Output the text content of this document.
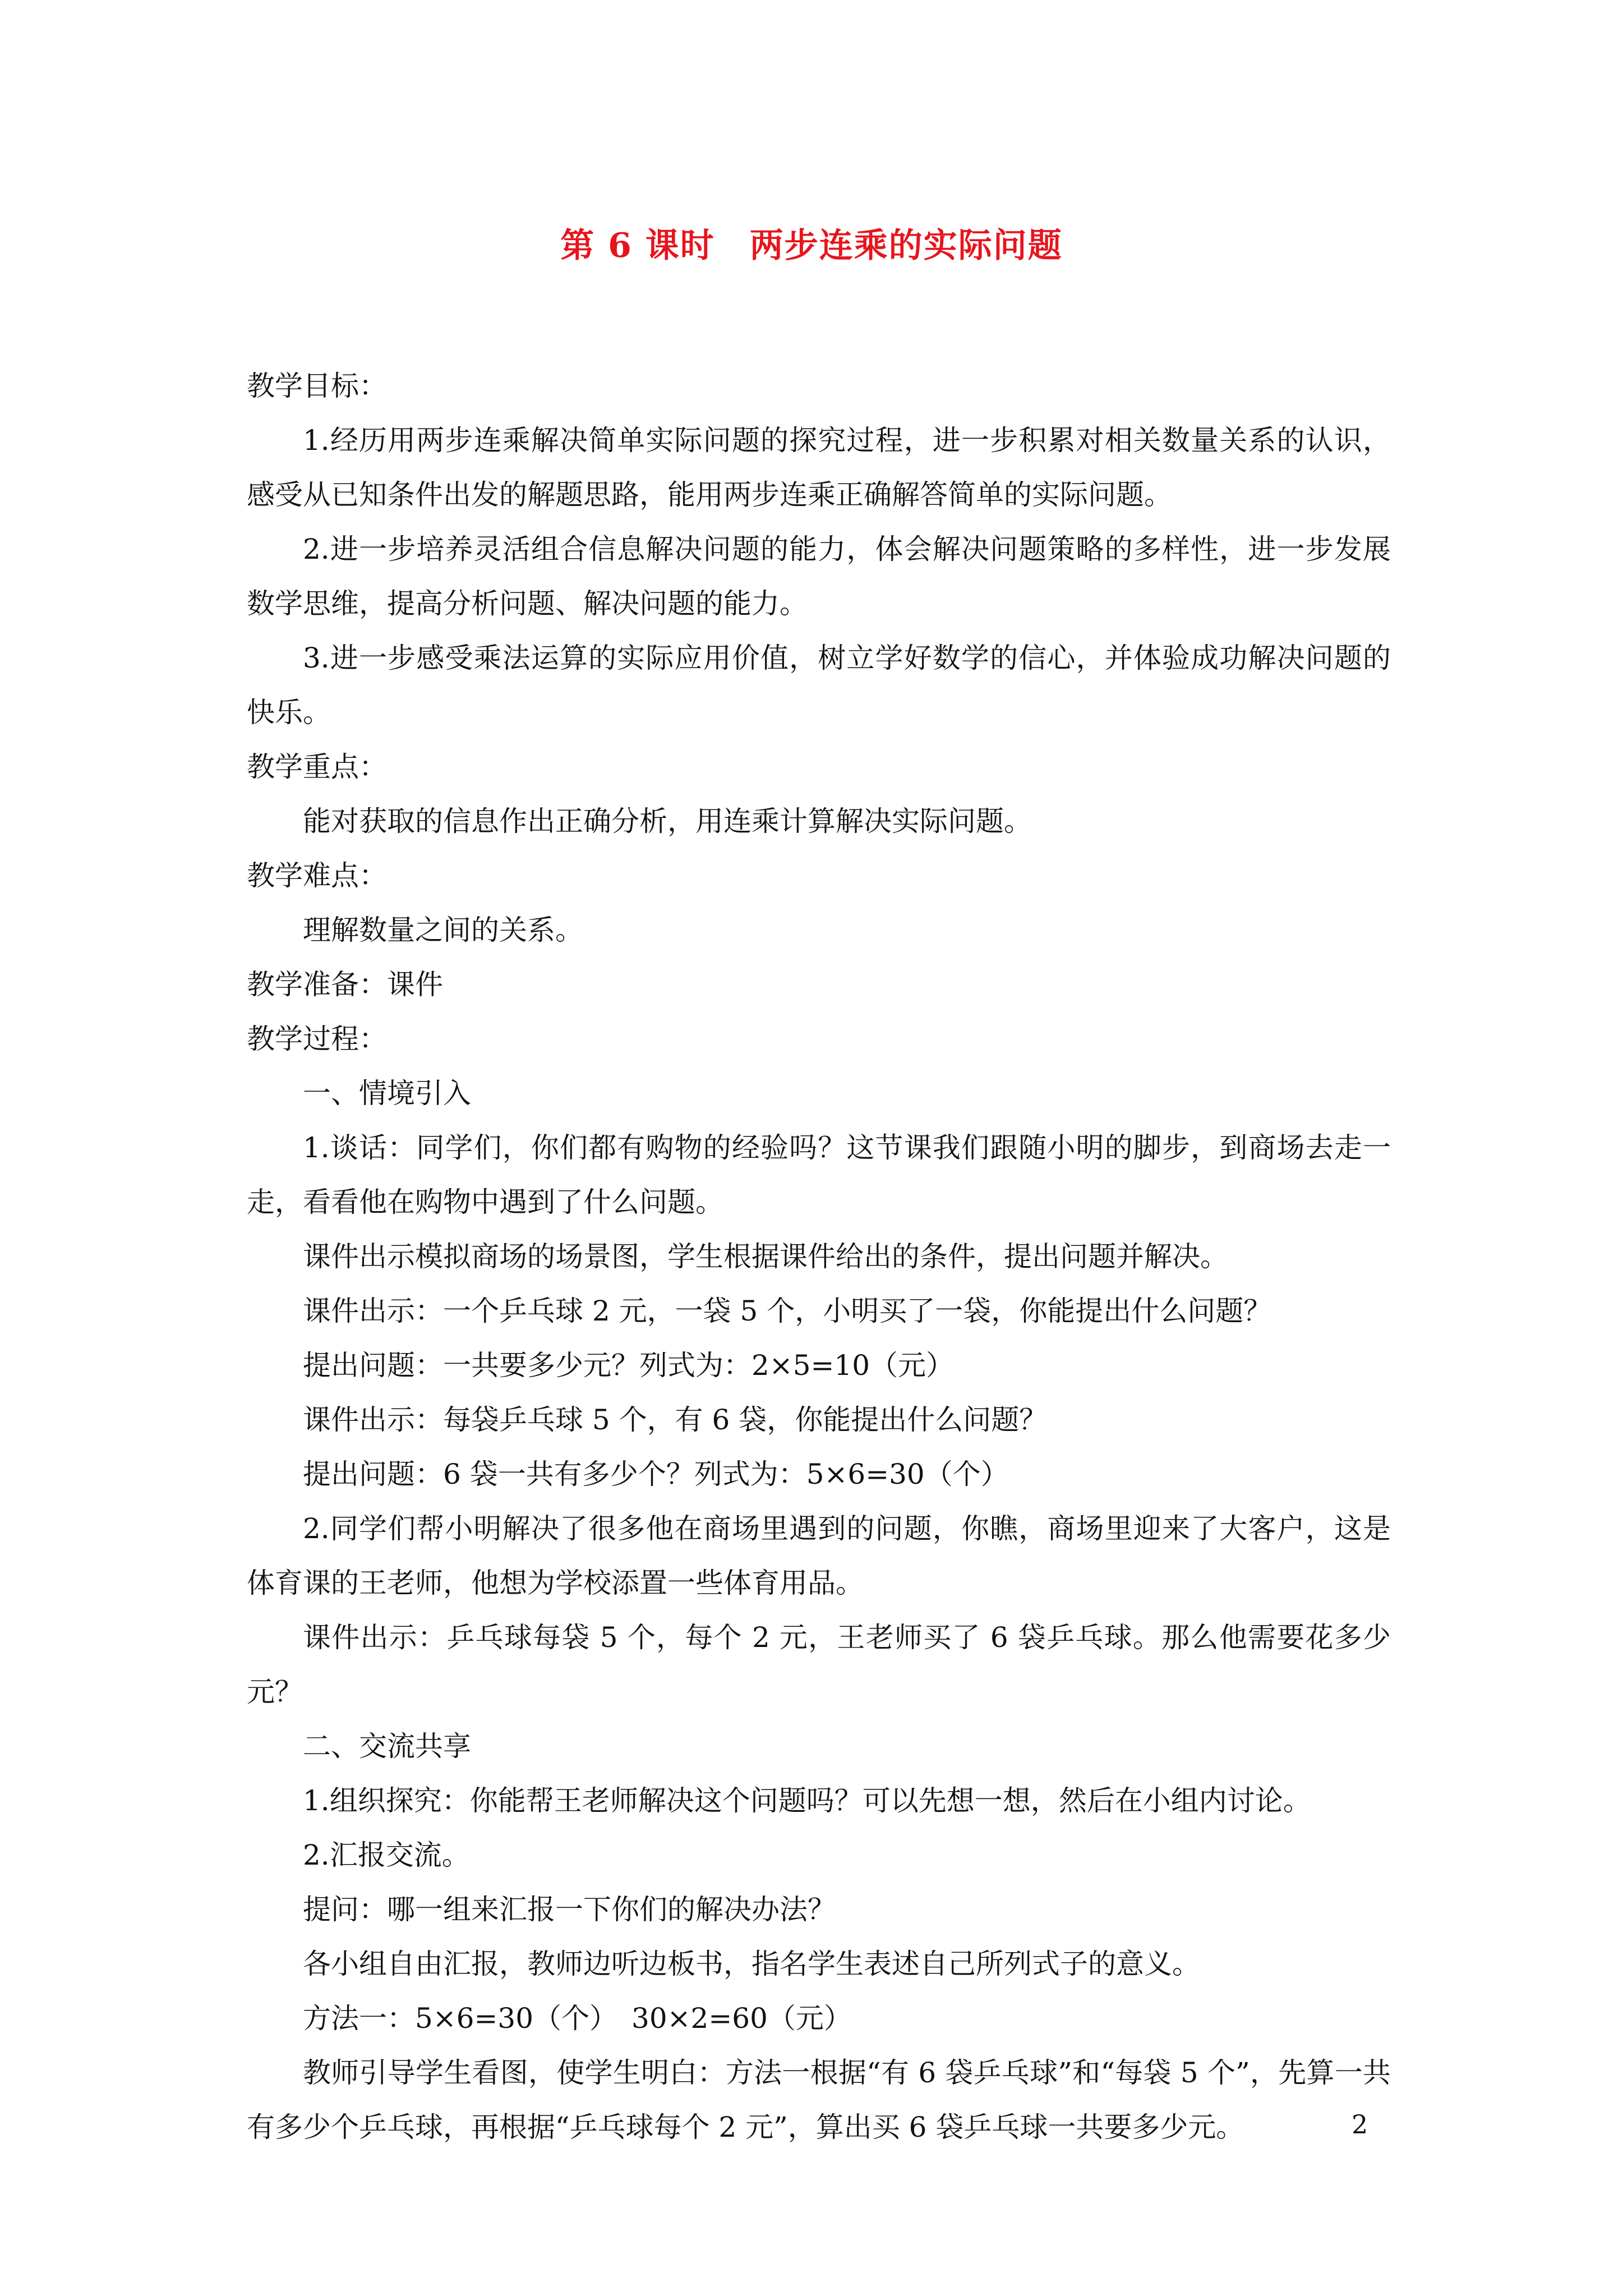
第 6 课时　两步连乘的实际问题

教学目标：

1.经历用两步连乘解决简单实际问题的探究过程，进一步积累对相关数量关系的认识，感受从已知条件出发的解题思路，能用两步连乘正确解答简单的实际问题。

2.进一步培养灵活组合信息解决问题的能力，体会解决问题策略的多样性，进一步发展数学思维，提高分析问题、解决问题的能力。

3.进一步感受乘法运算的实际应用价值，树立学好数学的信心，并体验成功解决问题的快乐。

教学重点：

能对获取的信息作出正确分析，用连乘计算解决实际问题。

教学难点：

理解数量之间的关系。

教学准备：课件

教学过程：

一、情境引入

1.谈话：同学们，你们都有购物的经验吗？这节课我们跟随小明的脚步，到商场去走一走，看看他在购物中遇到了什么问题。

课件出示模拟商场的场景图，学生根据课件给出的条件，提出问题并解决。

课件出示：一个乒乓球 2 元，一袋 5 个，小明买了一袋，你能提出什么问题？

提出问题：一共要多少元？列式为：2×5=10（元）

课件出示：每袋乒乓球 5 个，有 6 袋，你能提出什么问题？

提出问题：6 袋一共有多少个？列式为：5×6=30（个）

2.同学们帮小明解决了很多他在商场里遇到的问题，你瞧，商场里迎来了大客户，这是体育课的王老师，他想为学校添置一些体育用品。

课件出示：乒乓球每袋 5 个，每个 2 元，王老师买了 6 袋乒乓球。那么他需要花多少元？

二、交流共享

1.组织探究：你能帮王老师解决这个问题吗？可以先想一想，然后在小组内讨论。

2.汇报交流。

提问：哪一组来汇报一下你们的解决办法？

各小组自由汇报，教师边听边板书，指名学生表述自己所列式子的意义。

方法一：5×6=30（个）　30×2=60（元）

教师引导学生看图，使学生明白：方法一根据“有 6 袋乒乓球”和“每袋 5 个”，先算一共有多少个乒乓球，再根据“乒乓球每个 2 元”，算出买 6 袋乒乓球一共要多少元。	2
